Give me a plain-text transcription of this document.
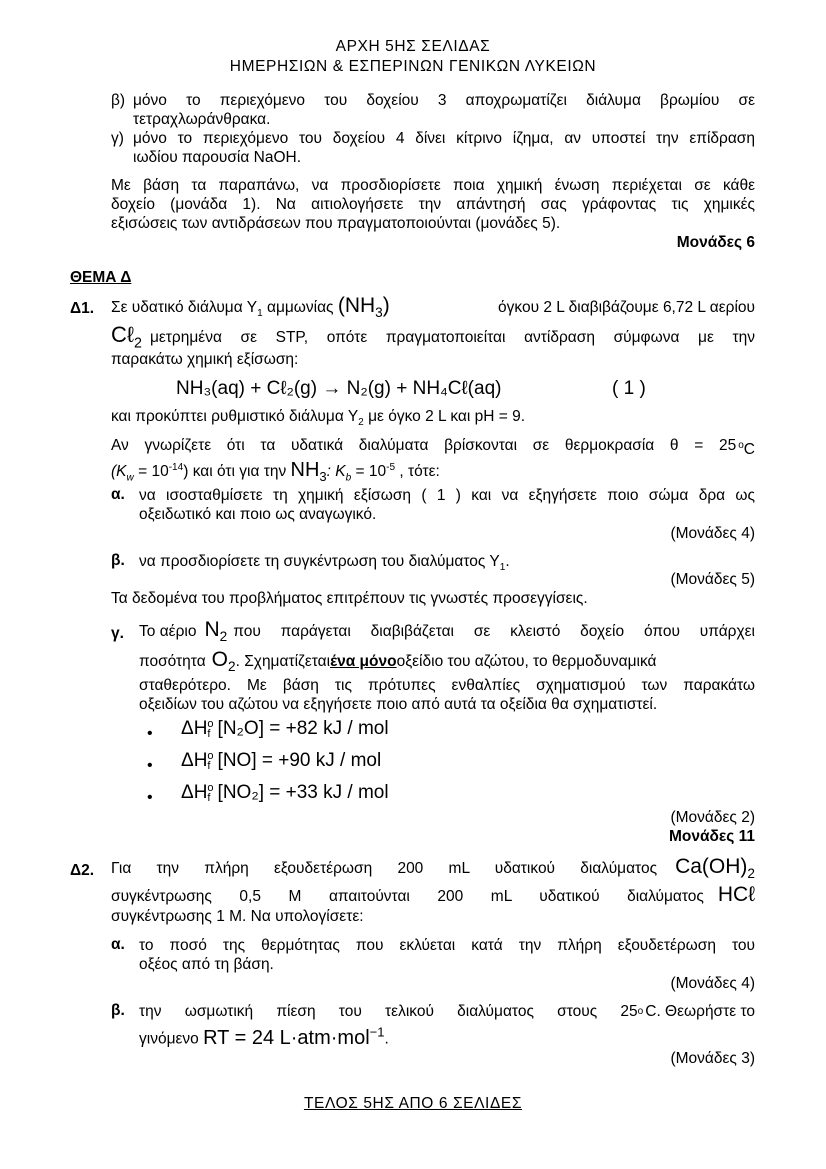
ΑΡΧΗ 5ΗΣ ΣΕΛΙΔΑΣ
ΗΜΕΡΗΣΙΩΝ & ΕΣΠΕΡΙΝΩΝ ΓΕΝΙΚΩΝ ΛΥΚΕΙΩΝ
β) μόνο το περιεχόμενο του δοχείου 3 αποχρωματίζει διάλυμα βρωμίου σε
τετραχλωράνθρακα.
γ) μόνο το περιεχόμενο του δοχείου 4 δίνει κίτρινο ίζημα, αν υποστεί την επίδραση
ιωδίου παρουσία NaOH.
Με βάση τα παραπάνω, να προσδιορίσετε ποια χημική ένωση περιέχεται σε κάθε
δοχείο (μονάδα 1). Να αιτιολογήσετε την απάντησή σας γράφοντας τις χημικές
εξισώσεις των αντιδράσεων που πραγματοποιούνται (μονάδες 5).
Μονάδες 6
ΘΕΜΑ Δ
Δ1. Σε υδατικό διάλυμα $\Upsilon_1$ αμμωνίας $(NH_3)$	όγκου 2 L διαβιβάζουμε 6,72 L αερίου
Cℓ$_2$ μετρημένα σε STP, οπότε πραγματοποιείται αντίδραση σύμφωνα με την
παρακάτω χημική εξίσωση:
NH₃(aq) + Cℓ₂(g) → N₂(g) + NH₄Cℓ(aq)	( 1 )
και προκύπτει ρυθμιστικό διάλυμα $\Upsilon_2$ με όγκο 2 L και pH = 9.
Αν γνωρίζετε ότι τα υδατικά διαλύματα βρίσκονται σε θερμοκρασία θ = 25 $^o$C
$(K_w = 10^{-14})$ και ότι για την $NH_3$: $K_b = 10^{-5}$ , τότε:
α. να ισοσταθμίσετε τη χημική εξίσωση ( 1 ) και να εξηγήσετε ποιο σώμα δρα ως
οξειδωτικό και ποιο ως αναγωγικό.
(Μονάδες 4)
β. να προσδιορίσετε τη συγκέντρωση του διαλύματος $\Upsilon_1$.
(Μονάδες 5)
Τα δεδομένα του προβλήματος επιτρέπουν τις γνωστές προσεγγίσεις.
γ. Το αέριο $N_2$ που παράγεται διαβιβάζεται σε κλειστό δοχείο όπου υπάρχει
ποσότητα $O_2$ . Σχηματίζεται ένα μόνο οξείδιο του αζώτου, το θερμοδυναμικά
σταθερότερο. Με βάση τις πρότυπες ενθαλπίες σχηματισμού των παρακάτω
οξειδίων του αζώτου να εξηγήσετε ποιο από αυτά τα οξείδια θα σχηματιστεί.
• ΔH o
f [N₂O] = +82 kJ / mol
• ΔH o
f [NO] = +90 kJ / mol
• ΔH o
f [NO₂] = +33 kJ / mol
(Μονάδες 2)
Μονάδες 11
Δ2. Για την πλήρη εξουδετέρωση 200 mL υδατικού διαλύματος $Ca(OH)_2$
συγκέντρωσης 0,5 M απαιτούνται 200 mL υδατικού διαλύματος HCℓ
συγκέντρωσης 1 M. Να υπολογίσετε:
α. το ποσό της θερμότητας που εκλύεται κατά την πλήρη εξουδετέρωση του
οξέος από τη βάση.
(Μονάδες 4)
β. την ωσμωτική πίεση του τελικού διαλύματος στους 25 o C. Θεωρήστε το
γινόμενο RT = 24 L·atm·mol$^{-1}$.
(Μονάδες 3)
ΤΕΛΟΣ 5ΗΣ ΑΠΟ 6 ΣΕΛΙΔΕΣ
